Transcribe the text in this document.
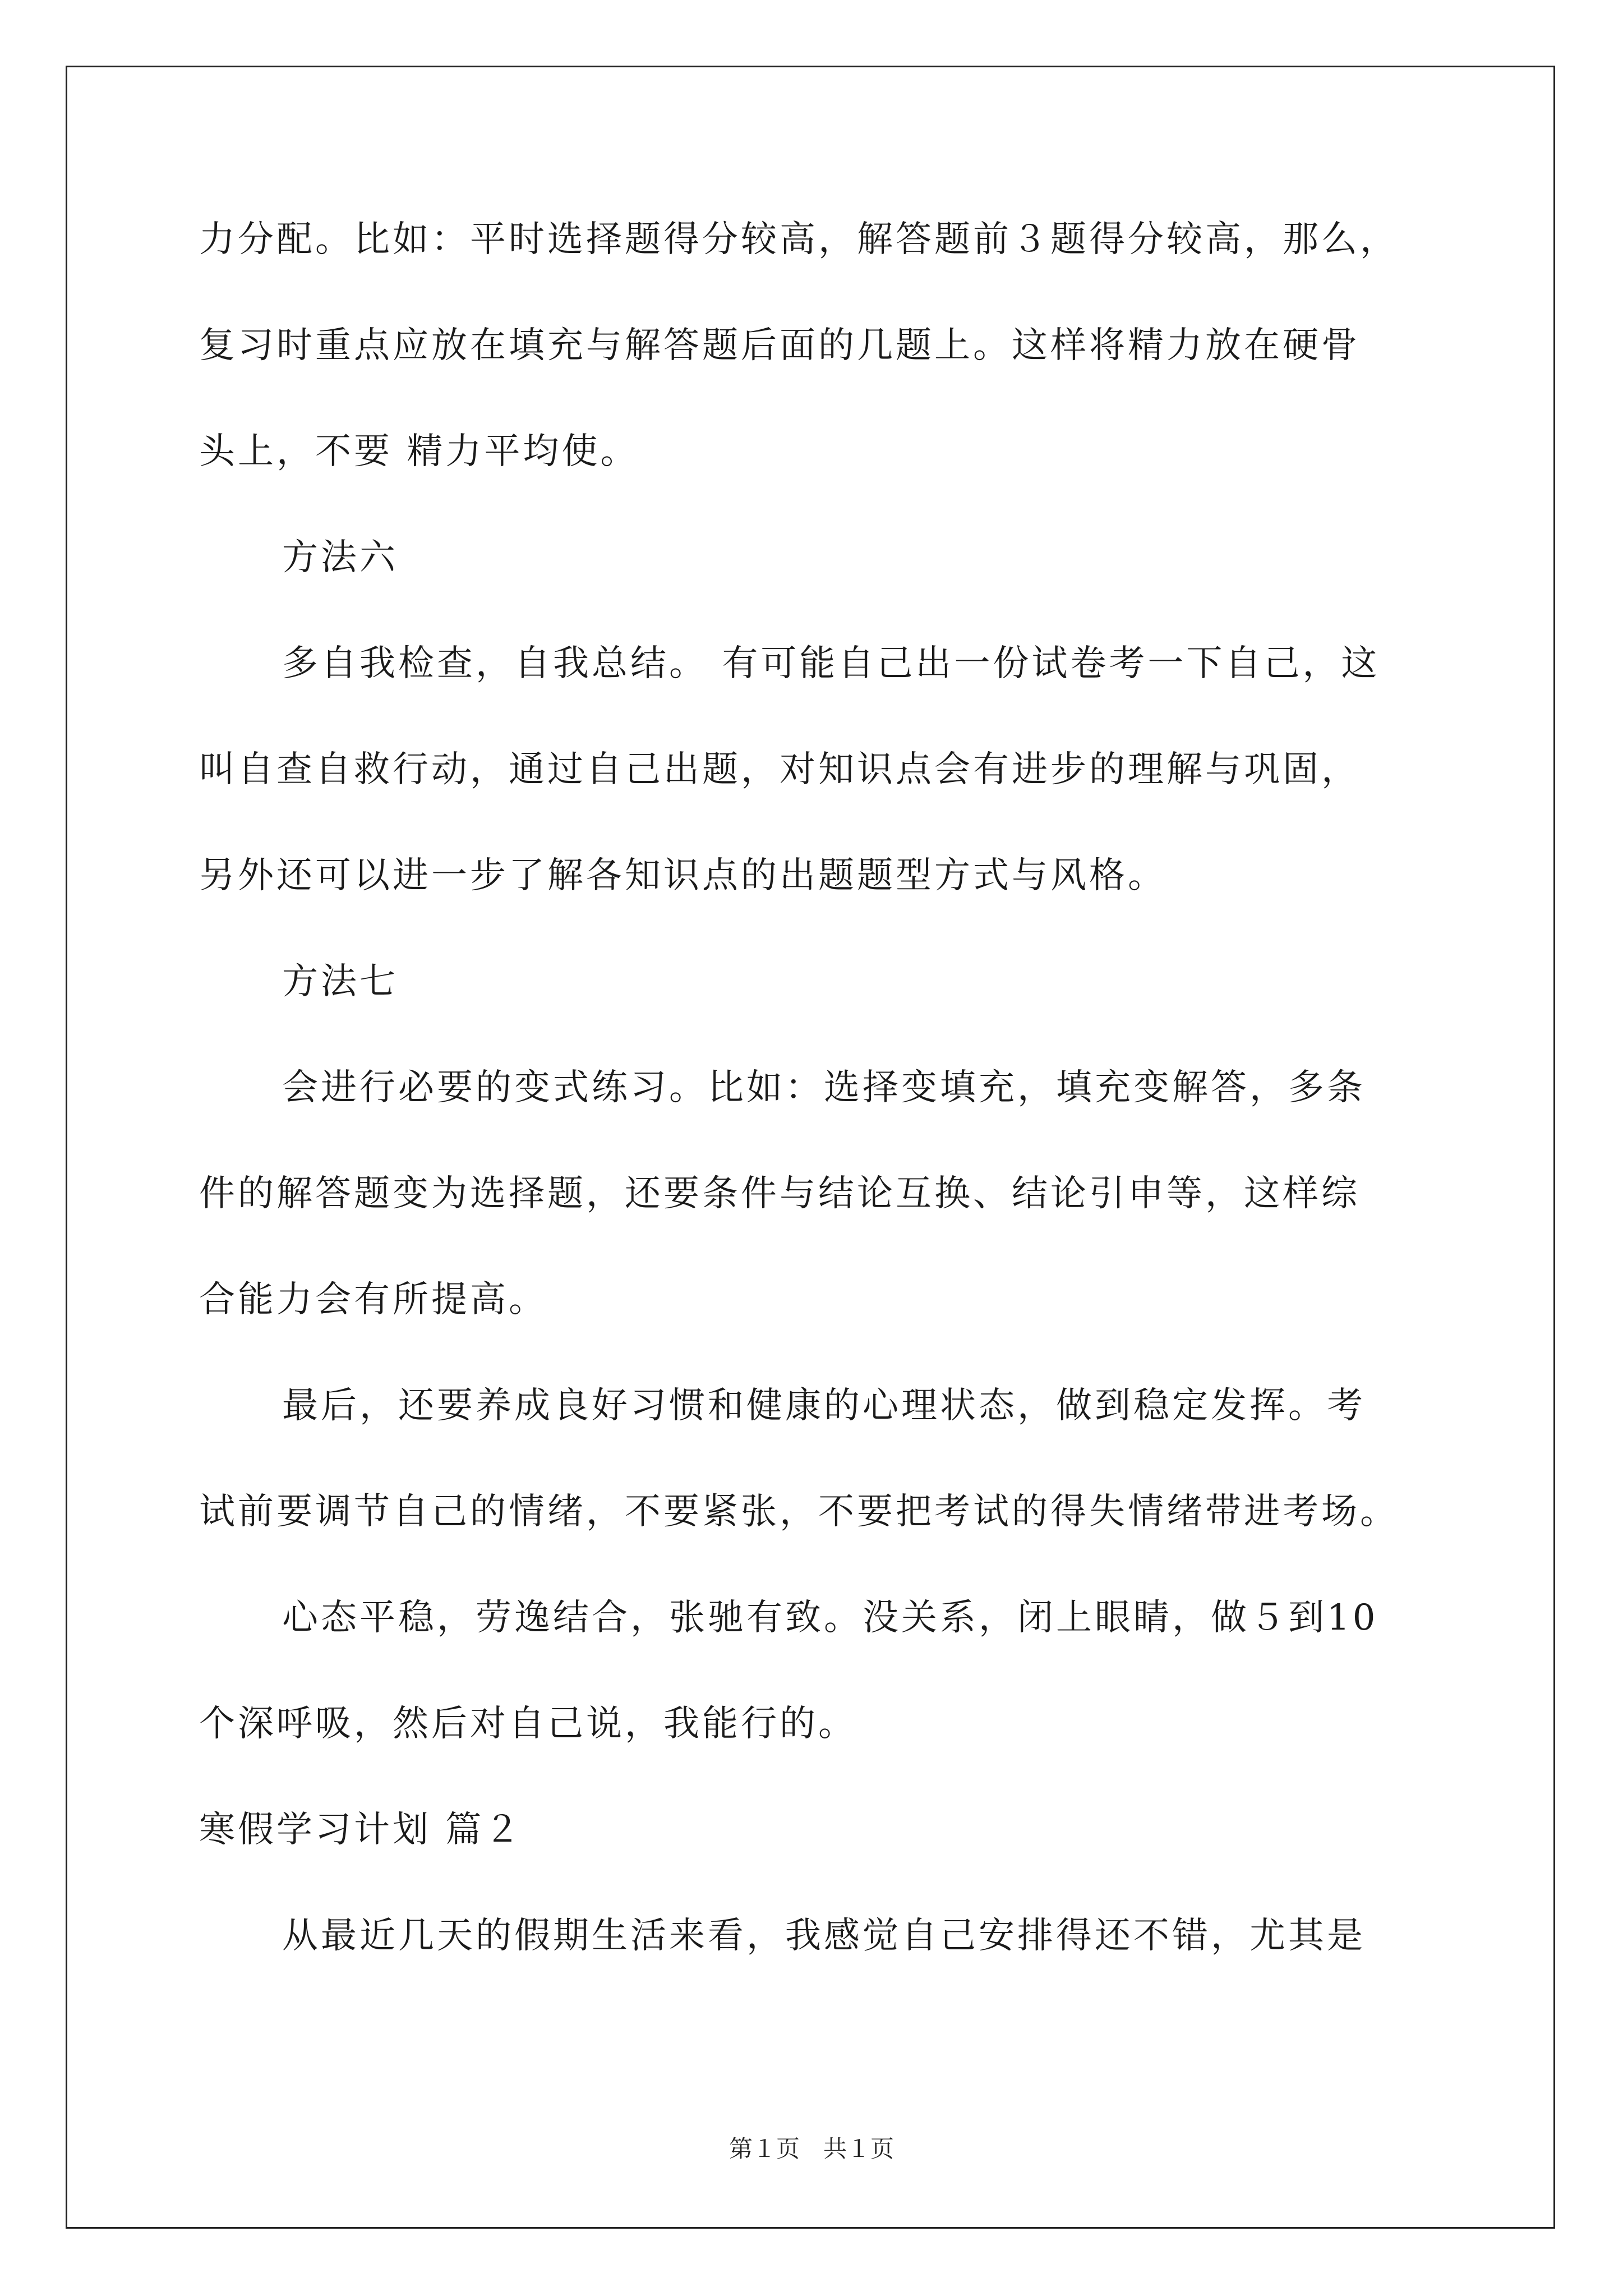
力分配。比如：平时选择题得分较高，解答题前３题得分较高，那么，
复习时重点应放在填充与解答题后面的几题上。这样将精力放在硬骨
头上，不要 精力平均使。
方法六
多自我检查，自我总结。 有可能自己出一份试卷考一下自己，这
叫自查自救行动，通过自己出题，对知识点会有进步的理解与巩固，
另外还可以进一步了解各知识点的出题题型方式与风格。
方法七
会进行必要的变式练习。比如：选择变填充，填充变解答，多条
件的解答题变为选择题，还要条件与结论互换、结论引申等，这样综
合能力会有所提高。
最后，还要养成良好习惯和健康的心理状态，做到稳定发挥。考
试前要调节自己的情绪，不要紧张，不要把考试的得失情绪带进考场。
心态平稳，劳逸结合，张驰有致。没关系，闭上眼睛，做５到10
个深呼吸，然后对自己说，我能行的。
寒假学习计划 篇２
从最近几天的假期生活来看，我感觉自己安排得还不错，尤其是
第１页　共１页
